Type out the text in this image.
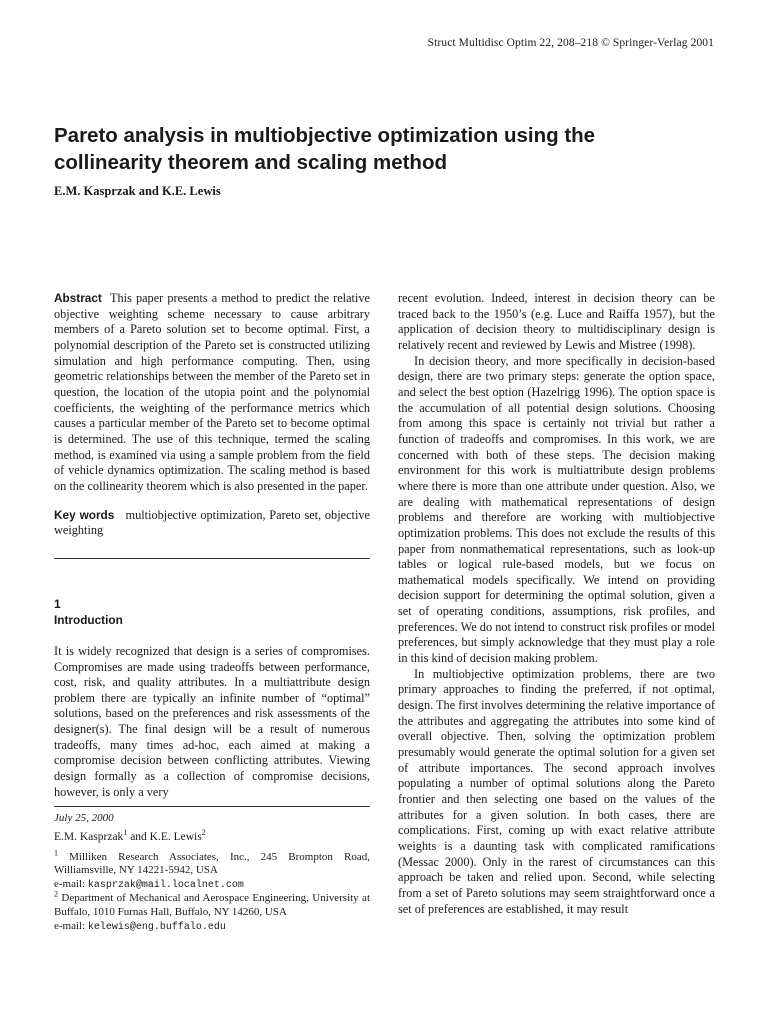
Struct Multidisc Optim 22, 208–218 © Springer-Verlag 2001
Pareto analysis in multiobjective optimization using the collinearity theorem and scaling method
E.M. Kasprzak and K.E. Lewis

Abstract This paper presents a method to predict the relative objective weighting scheme necessary to cause arbitrary members of a Pareto solution set to become optimal. First, a polynomial description of the Pareto set is constructed utilizing simulation and high performance computing. Then, using geometric relationships between the member of the Pareto set in question, the location of the utopia point and the polynomial coefficients, the weighting of the performance metrics which causes a particular member of the Pareto set to become optimal is determined. The use of this technique, termed the scaling method, is examined via using a sample problem from the field of vehicle dynamics optimization. The scaling method is based on the collinearity theorem which is also presented in the paper.

Key words multiobjective optimization, Pareto set, objective weighting

1
Introduction

It is widely recognized that design is a series of compromises. Compromises are made using tradeoffs between performance, cost, risk, and quality attributes. In a multiattribute design problem there are typically an infinite number of “optimal” solutions, based on the preferences and risk assessments of the designer(s). The final design will be a result of numerous tradeoffs, many times ad-hoc, each aimed at making a compromise decision between conflicting attributes. Viewing design formally as a collection of compromise decisions, however, is only a very

July 25, 2000
E.M. Kasprzak$^1$ and K.E. Lewis$^2$
$^1$ Milliken Research Associates, Inc., 245 Brompton Road, Williamsville, NY 14221-5942, USA
e-mail: kasprzak@mail.localnet.com
$^2$ Department of Mechanical and Aerospace Engineering, University at Buffalo, 1010 Furnas Hall, Buffalo, NY 14260, USA
e-mail: kelewis@eng.buffalo.edu

recent evolution. Indeed, interest in decision theory can be traced back to the 1950’s (e.g. Luce and Raiffa 1957), but the application of decision theory to multidisciplinary design is relatively recent and reviewed by Lewis and Mistree (1998).

In decision theory, and more specifically in decision-based design, there are two primary steps: generate the option space, and select the best option (Hazelrigg 1996). The option space is the accumulation of all potential design solutions. Choosing from among this space is certainly not trivial but rather a function of tradeoffs and compromises. In this work, we are concerned with both of these steps. The decision making environment for this work is multiattribute design problems where there is more than one attribute under question. Also, we are dealing with mathematical representations of design problems and therefore are working with multiobjective optimization problems. This does not exclude the results of this paper from nonmathematical representations, such as look-up tables or logical rule-based models, but we focus on mathematical models specifically. We intend on providing decision support for determining the optimal solution, given a set of operating conditions, assumptions, risk profiles, and preferences. We do not intend to construct risk profiles or model preferences, but simply acknowledge that they must play a role in this kind of decision making problem.

In multiobjective optimization problems, there are two primary approaches to finding the preferred, if not optimal, design. The first involves determining the relative importance of the attributes and aggregating the attributes into some kind of overall objective. Then, solving the optimization problem presumably would generate the optimal solution for a given set of attribute importances. The second approach involves populating a number of optimal solutions along the Pareto frontier and then selecting one based on the values of the attributes for a given solution. In both cases, there are complications. First, coming up with exact relative attribute weights is a daunting task with complicated ramifications (Messac 2000). Only in the rarest of circumstances can this approach be taken and relied upon. Second, while selecting from a set of Pareto solutions may seem straightforward once a set of preferences are established, it may result
